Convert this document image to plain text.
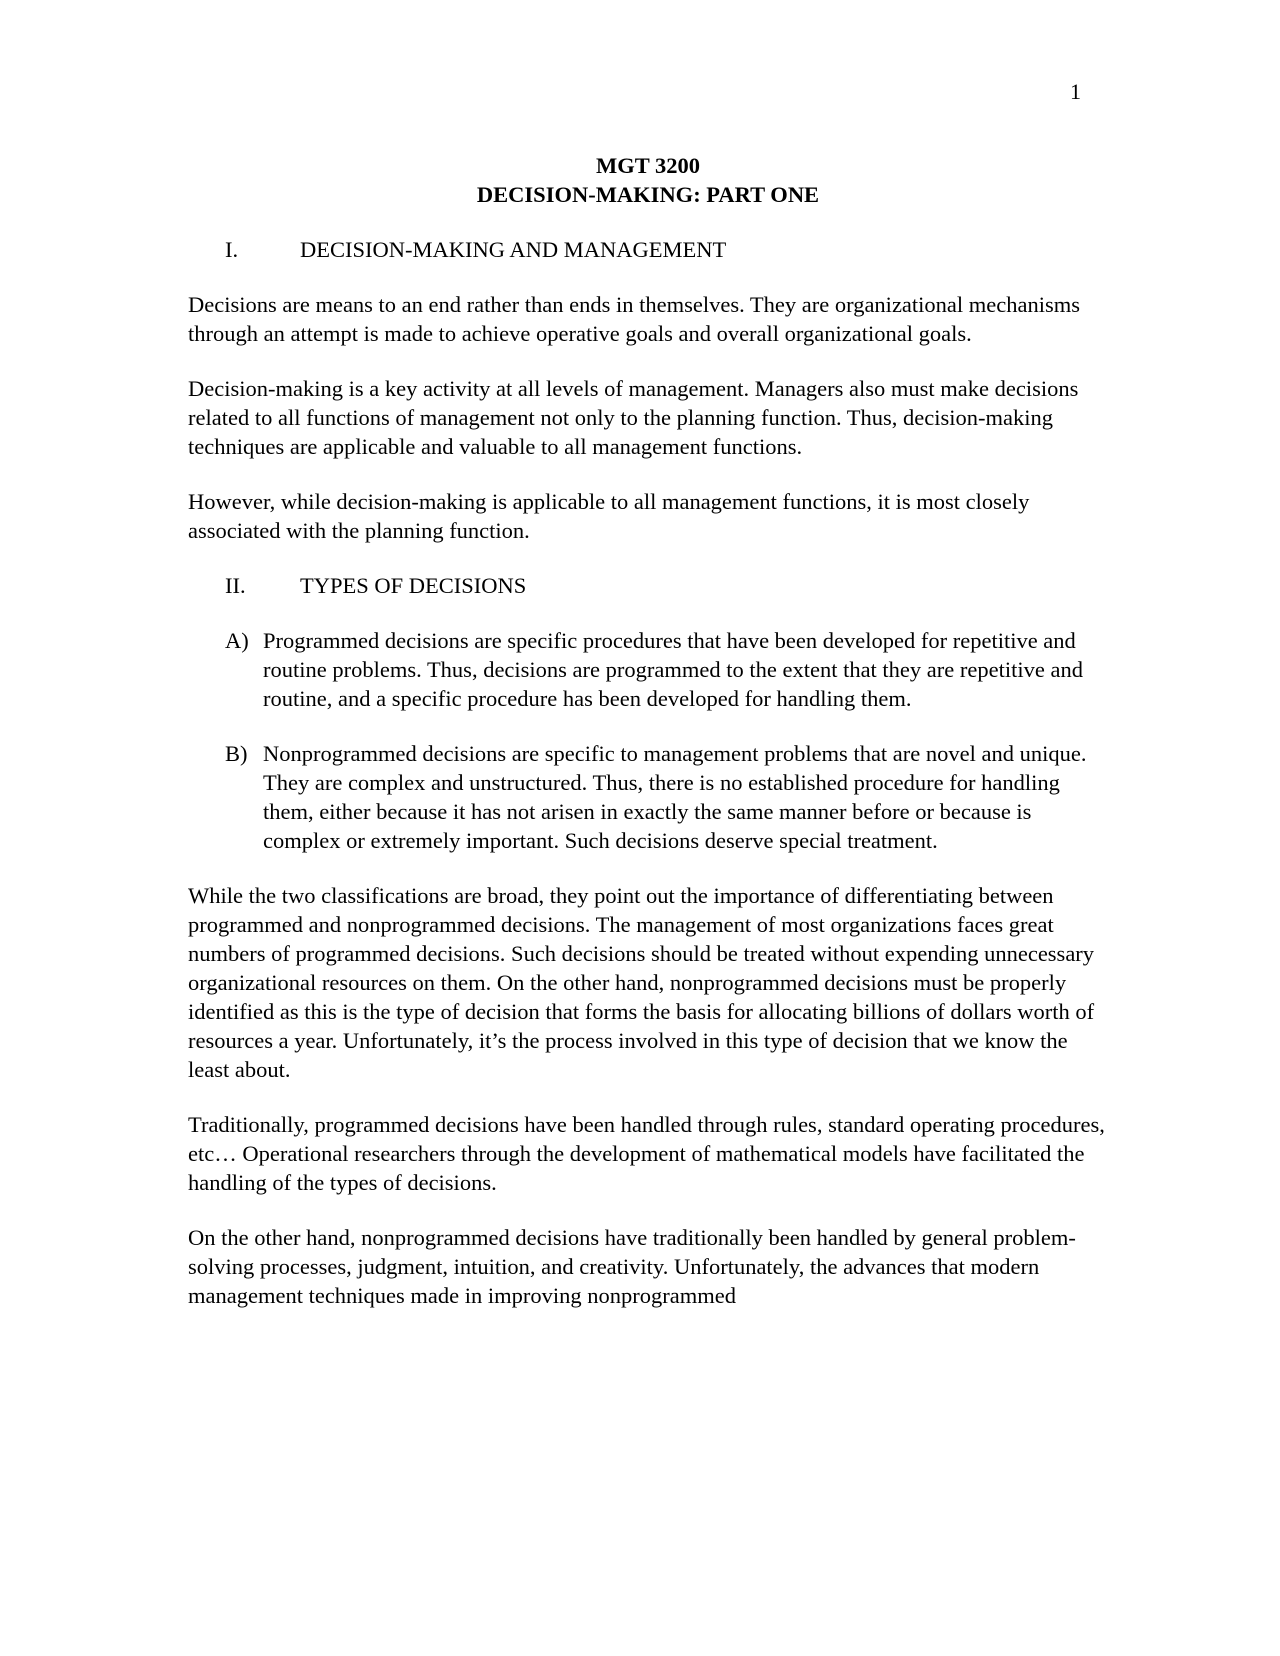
1

MGT 3200

DECISION-MAKING: PART ONE

I.	DECISION-MAKING AND MANAGEMENT

Decisions are means to an end rather than ends in themselves. They are organizational mechanisms through an attempt is made to achieve operative goals and overall organizational goals.

Decision-making is a key activity at all levels of management. Managers also must make decisions related to all functions of management not only to the planning function. Thus, decision-making techniques are applicable and valuable to all management functions.

However, while decision-making is applicable to all management functions, it is most closely associated with the planning function.

II. TYPES OF DECISIONS
A) Programmed decisions are specific procedures that have been developed for repetitive and routine problems. Thus, decisions are programmed to the extent that they are repetitive and routine, and a specific procedure has been developed for handling them.
B) Nonprogrammed decisions are specific to management problems that are novel and unique. They are complex and unstructured. Thus, there is no established procedure for handling them, either because it has not arisen in exactly the same manner before or because is complex or extremely important. Such decisions deserve special treatment.

While the two classifications are broad, they point out the importance of differentiating between programmed and nonprogrammed decisions. The management of most organizations faces great numbers of programmed decisions. Such decisions should be treated without expending unnecessary organizational resources on them. On the other hand, nonprogrammed decisions must be properly identified as this is the type of decision that forms the basis for allocating billions of dollars worth of resources a year. Unfortunately, it’s the process involved in this type of decision that we know the least about.

Traditionally, programmed decisions have been handled through rules, standard operating procedures, etc… Operational researchers through the development of mathematical models have facilitated the handling of the types of decisions.

On the other hand, nonprogrammed decisions have traditionally been handled by general problem-solving processes, judgment, intuition, and creativity. Unfortunately, the advances that modern management techniques made in improving nonprogrammed
